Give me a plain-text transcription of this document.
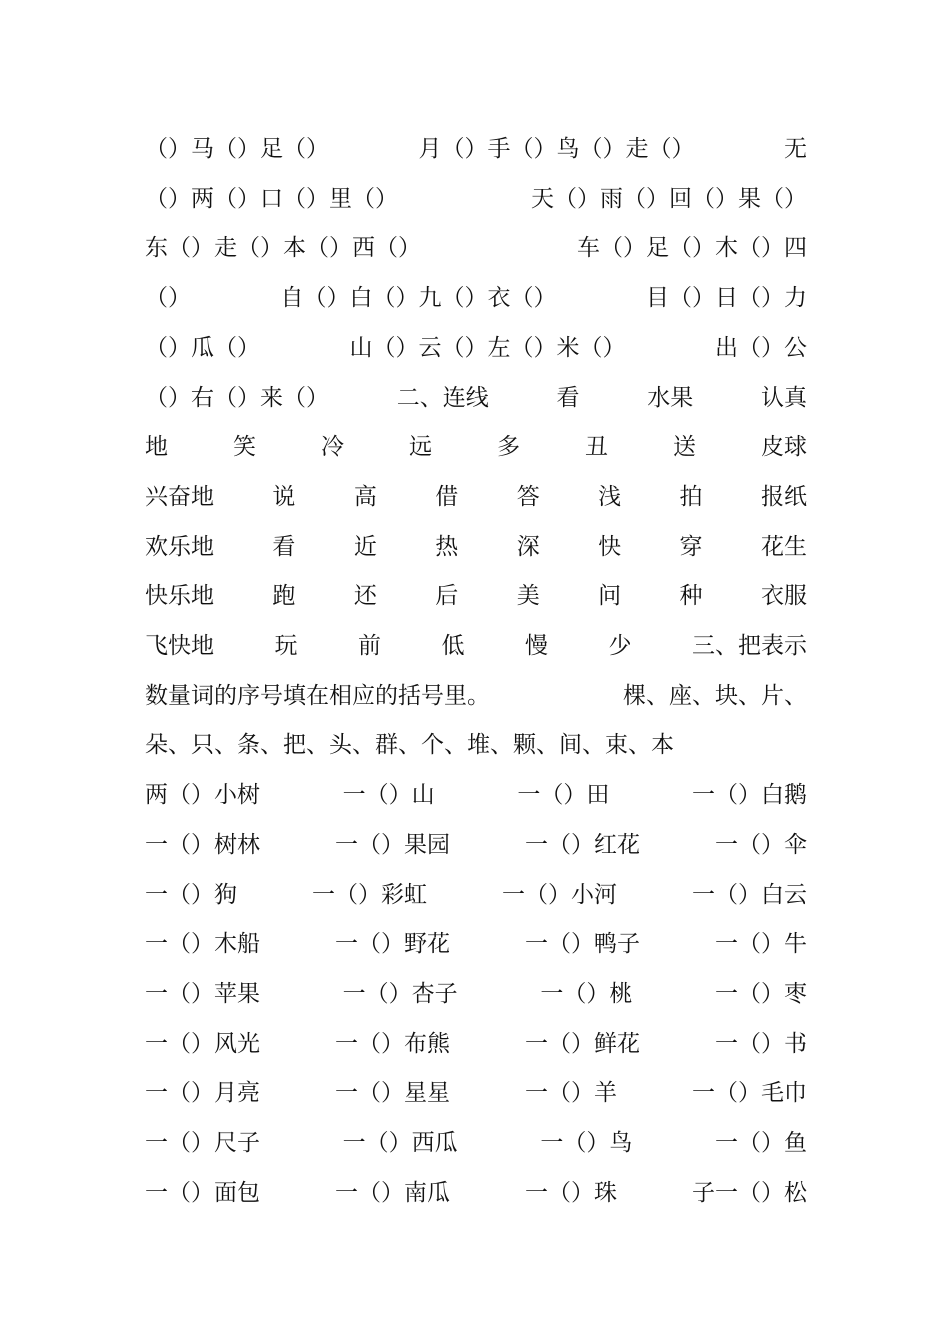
（）马（）足（）	月（）手（）鸟（）走（）	无
（）两（）口（）里（）	天（）雨（）回（）果（）
东（）走（）本（）西（）	车（）足（）木（）四
（）	自（）白（）九（）衣（）	目（）日（）力
（）瓜（）	山（）云（）左（）米（）	出（）公
（）右（）来（）	二、连线	看	水果	认真
地	笑	冷	远	多	丑	送	皮球
兴奋地	说	高	借	答	浅	拍	报纸
欢乐地	看	近	热	深	快	穿	花生
快乐地	跑	还	后	美	问	种	衣服
飞快地	玩	前	低	慢	少	三、把表示
数量词的序号填在相应的括号里。	棵、座、块、片、
朵、只、条、把、头、群、个、堆、颗、间、束、本
两（）小树	一（）山	一（）田	一（）白鹅
一（）树林	一（）果园	一（）红花	一（）伞
一（）狗	一（）彩虹	一（）小河	一（）白云
一（）木船	一（）野花	一（）鸭子	一（）牛
一（）苹果	一（）杏子	一（）桃	一（）枣
一（）风光	一（）布熊	一（）鲜花	一（）书
一（）月亮	一（）星星	一（）羊	一（）毛巾
一（）尺子	一（）西瓜	一（）鸟	一（）鱼
一（）面包	一（）南瓜	一（）珠	子一（）松
